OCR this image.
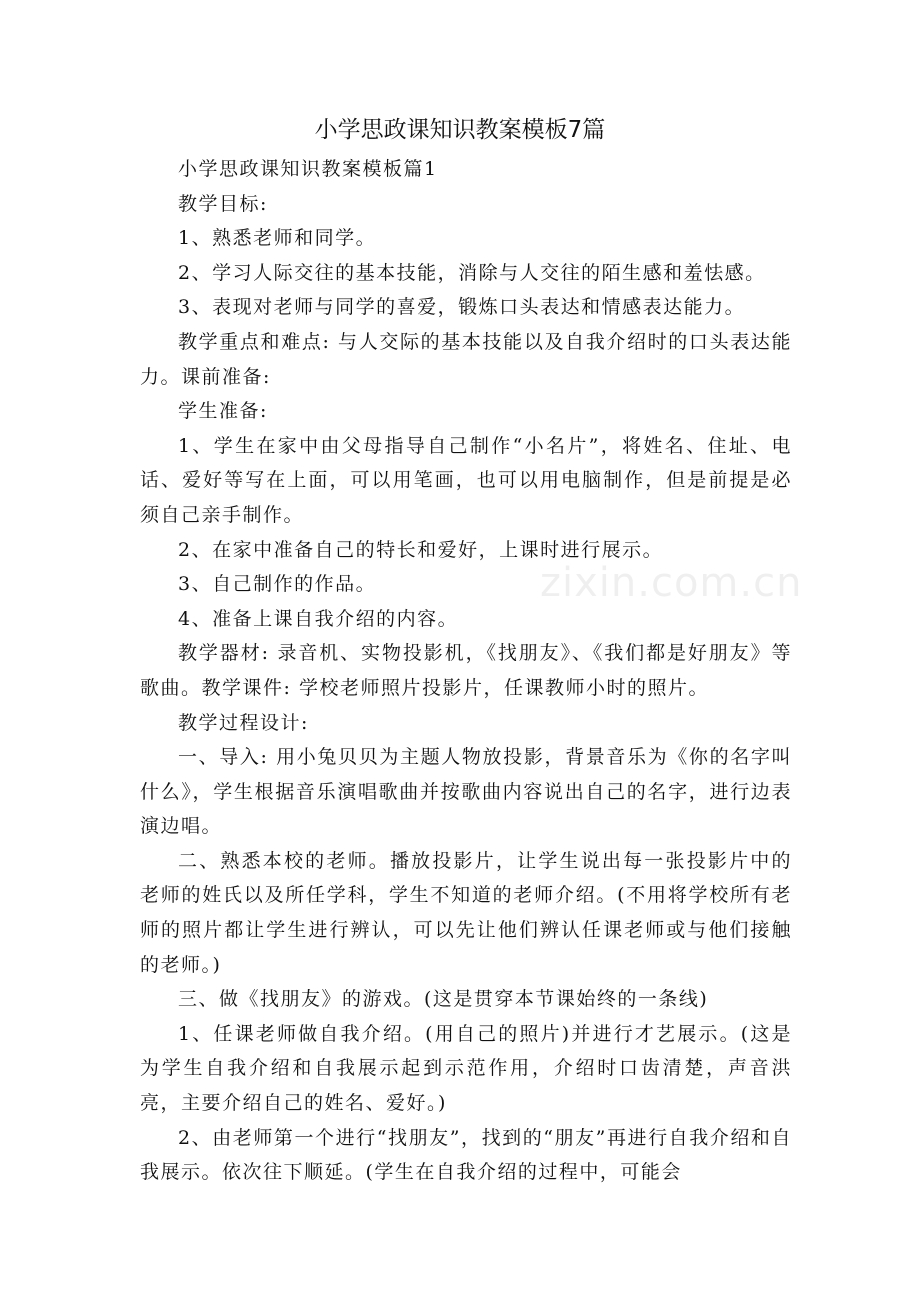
zixin.com.cn
小学思政课知识教案模板7篇

小学思政课知识教案模板篇1

教学目标:

1、熟悉老师和同学。

2、学习人际交往的基本技能，消除与人交往的陌生感和羞怯感。

3、表现对老师与同学的喜爱，锻炼口头表达和情感表达能力。

教学重点和难点: 与人交际的基本技能以及自我介绍时的口头表达能力。课前准备:

学生准备:

1、学生在家中由父母指导自己制作“小名片”，将姓名、住址、电话、爱好等写在上面，可以用笔画，也可以用电脑制作，但是前提是必须自己亲手制作。

2、在家中准备自己的特长和爱好，上课时进行展示。

3、自己制作的作品。

4、准备上课自我介绍的内容。

教学器材: 录音机、实物投影机，《找朋友》、《我们都是好朋友》等歌曲。教学课件: 学校老师照片投影片，任课教师小时的照片。

教学过程设计:

一、导入: 用小兔贝贝为主题人物放投影，背景音乐为《你的名字叫什么》，学生根据音乐演唱歌曲并按歌曲内容说出自己的名字，进行边表演边唱。

二、熟悉本校的老师。播放投影片，让学生说出每一张投影片中的老师的姓氏以及所任学科，学生不知道的老师介绍。(不用将学校所有老师的照片都让学生进行辨认，可以先让他们辨认任课老师或与他们接触的老师。)

三、做《找朋友》的游戏。(这是贯穿本节课始终的一条线)

1、任课老师做自我介绍。(用自己的照片)并进行才艺展示。(这是为学生自我介绍和自我展示起到示范作用，介绍时口齿清楚，声音洪亮，主要介绍自己的姓名、爱好。)

2、由老师第一个进行“找朋友”，找到的“朋友”再进行自我介绍和自我展示。依次往下顺延。(学生在自我介绍的过程中，可能会
